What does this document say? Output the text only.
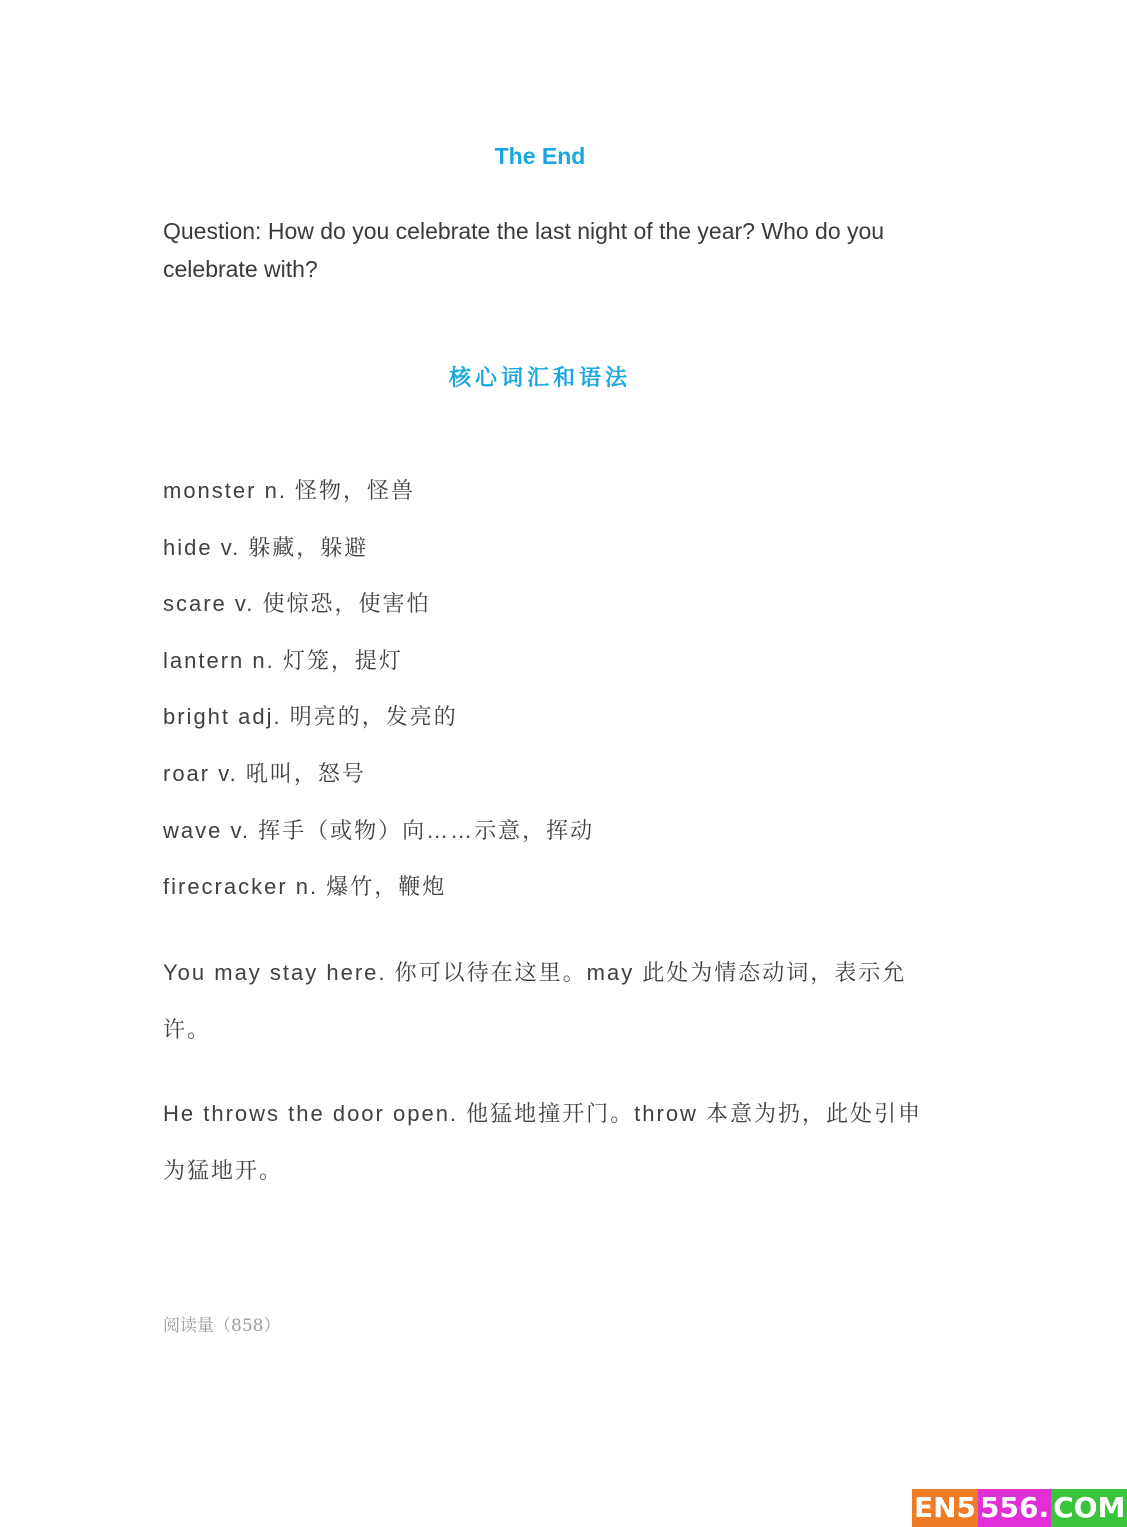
The End
Question: How do you celebrate the last night of the year? Who do you celebrate with?
核心词汇和语法
monster n. 怪物，怪兽
hide v. 躲藏，躲避
scare v. 使惊恐，使害怕
lantern n. 灯笼，提灯
bright adj. 明亮的，发亮的
roar v. 吼叫，怒号
wave v. 挥手（或物）向……示意，挥动
firecracker n. 爆竹，鞭炮
You may stay here. 你可以待在这里。may 此处为情态动词，表示允许。
He throws the door open. 他猛地撞开门。throw 本意为扔，此处引申为猛地开。
阅读量（858）
EN5 556. COM
